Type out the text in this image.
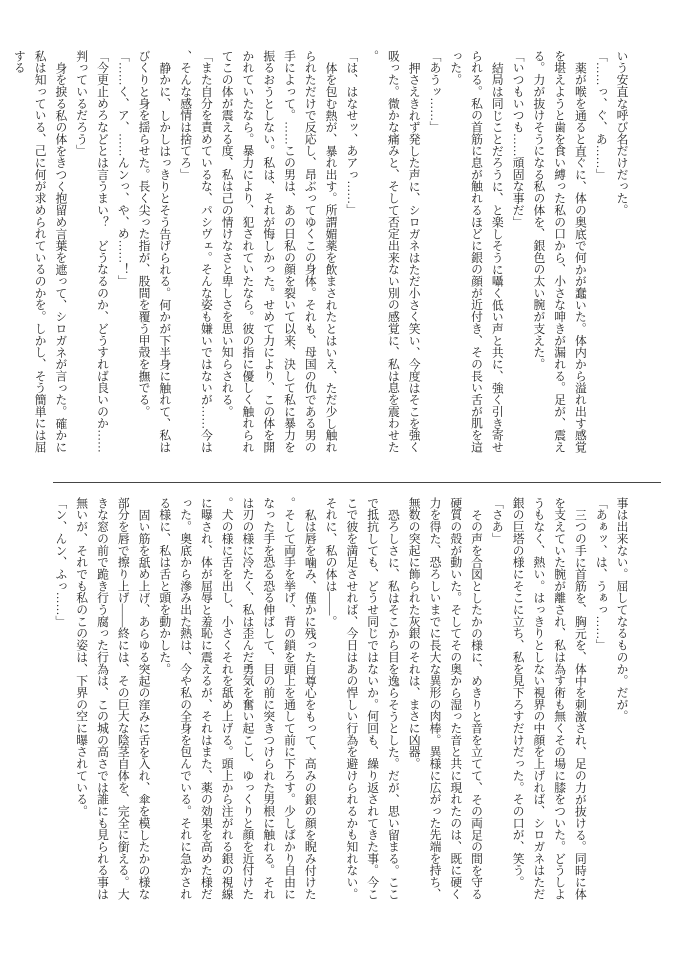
いう安直な呼び名だけだった。

「……っ、ぐ、あ……」

薬が喉を通ると直ぐに、体の奥底で何かが蠢いた。体内から溢れ出す感覚を堪えようと歯を食い縛った私の口から、小さな呻きが漏れる。足が、震える。力が抜けそうになる私の体を、銀色の太い腕が支えた。

「いつもいつも……頑固な事だ」

結局は同じことだろうに、と楽しそうに囁く低い声と共に、強く引き寄せられる。私の首筋に息が触れるほどに銀の顔が近付き、その長い舌が肌を這った。

「あうッ……」

押さえきれず発した声に、シロガネはただ小さく笑い、今度はそこを強く吸った。微かな痛みと、そして否定出来ない別の感覚に、私は息を震わせた。

「は、はなせッ、あアっ……」

体を包む熱が、暴れ出す。所謂媚薬を飲まされたとはいえ、ただ少し触れられただけで反応し、昂ぶってゆくこの身体。それも、母国の仇である男の手によって。……この男は、あの日私の顔を裂いて以来、決して私に暴力を振るおうとしない。私は、それが悔しかった。せめて力により、この体を開かれていたなら。暴力により、犯されていたなら。彼の指に優しく触れられてこの体が震える度、私は己の情けなさと卑しさを思い知らされる。

「また自分を責めているな、パシヴェ。そんな姿も嫌いではないが……今は、そんな感情は捨てろ」

静かに、しかしはっきりとそう告げられる。何かが下半身に触れて、私はびくりと身を揺らせた。長く尖った指が、股間を覆う甲殻を撫でる。

「……く、ア、……んンっ、や、め……！」

「今更止めろなどとは言うまい？　どうなるのか、どうすれば良いのか……判っているだろう」

身を捩る私の体をきつく抱留め言葉を遮って、シロガネが言った。確かに私は知っている、己に何が求められているのかを。しかし、そう簡単には屈する

事は出来ない。屈してなるものか。だが。

「あぁッ、は、うぁっ……」

三つの手に首筋を、胸元を、体中を刺激され、足の力が抜ける。同時に体を支えていた腕が離され、私は為す術も無くその場に膝をついた。どうしようもなく、熱い。はっきりとしない視界の中顔を上げれば、シロガネはただ銀の巨塔の様にそこに立ち、私を見下ろすだけだった。その口が、笑う。

「さあ」

その声を合図としたかの様に、めきりと音を立てて、その両足の間を守る硬質の殻が動いた。そしてその奥から湿った音と共に現れたのは、既に硬く力を得た、恐ろしいまでに長大な異形の肉棒。異様に広がった先端を持ち、無数の突起に飾られた灰銀のそれは、まさに凶器。

恐ろしさに、私はそこから目を逸らそうとした。だが、思い留まる。ここで抵抗しても、どうせ同じではないか。何回も、繰り返されてきた事。今ここで彼を満足させれば、今日はあの悍しい行為を避けられるかも知れない。それに、私の体は――。

私は唇を噛み、僅かに残った自尊心をもって、高みの銀の顔を睨み付けた。そして両手を挙げ、背の鎖を頭上を通して前に下ろす。少しばかり自由になった手を恐る恐る伸ばして、目の前に突きつけられた男根に触れる。それは刃の様に冷たく、私は歪んだ勇気を奮い起こし、ゆっくりと顔を近付けた。犬の様に舌を出し、小さくそれを舐め上げる。頭上から注がれる銀の視線に曝され、体が屈辱と羞恥に震えるが、それはまた、薬の効果を高めた様だった。奥底から滲み出た熱は、今や私の全身を包んでいる。それに急かされる様に、私は舌と頭を動かした。

固い筋を舐め上げ、あらゆる突起の窪みに舌を入れ、傘を模したかの様な部分を唇で擦り上げ――終には、その巨大な陰茎自体を、完全に銜える。大きな窓の前で跪き行う腐った行為は、この城の高さでは誰にも見られる事は無いが、それでも私のこの姿は、下界の空に曝されている。

「ン、んン、ふっ……」
